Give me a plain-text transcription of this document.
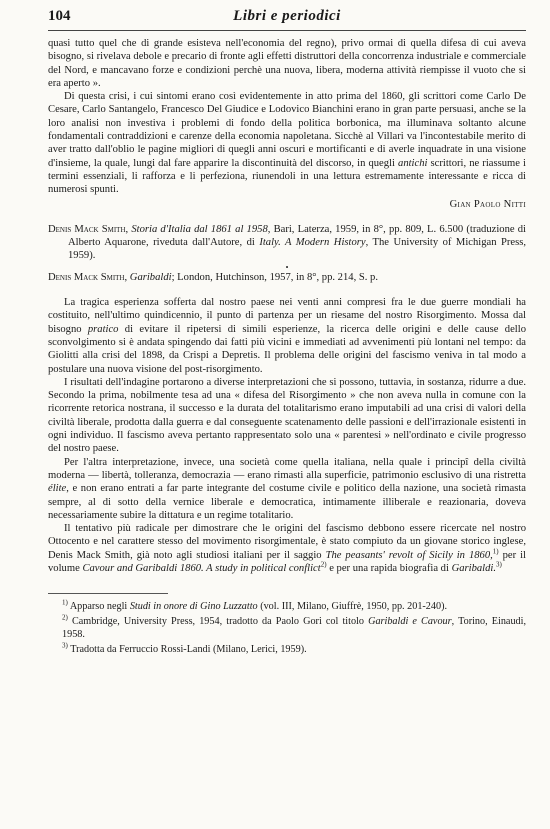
104	Libri e periodici

quasi tutto quel che di grande esisteva nell'economia del regno), privo ormai di quella difesa di cui aveva bisogno, si rivelava debole e precario di fronte agli effetti distruttori della concorrenza industriale e commerciale del Nord, e mancavano forze e condizioni perchè una nuova, libera, moderna attività riempisse il vuoto che si era aperto ».

Di questa crisi, i cui sintomi erano così evidentemente in atto prima del 1860, gli scrittori come Carlo De Cesare, Carlo Santangelo, Francesco Del Giudice e Lodovico Bianchini erano in gran parte persuasi, anche se la loro analisi non investiva i problemi di fondo della politica borbonica, ma illuminava soltanto alcune fondamentali contraddizioni e carenze della economia napoletana. Sicchè al Villari va l'incontestabile merito di aver tratto dall'oblio le pagine migliori di quegli anni oscuri e mortificanti e di averle inquadrate in una visione d'insieme, la quale, lungi dal fare apparire la discontinuità del discorso, in quegli antichi scrittori, ne riassume i termini essenziali, li rafforza e li perfeziona, riunendoli in una lettura estremamente interessante e ricca di numerosi spunti.

Gian Paolo Nitti

Denis Mack Smith, Storia d'Italia dal 1861 al 1958, Bari, Laterza, 1959, in 8°, pp. 809, L. 6.500 (traduzione di Alberto Aquarone, riveduta dall'Autore, di Italy. A Modern History, The University of Michigan Press, 1959).

•

Denis Mack Smith, Garibaldi; London, Hutchinson, 1957, in 8°, pp. 214, S. p.

La tragica esperienza sofferta dal nostro paese nei venti anni compresi fra le due guerre mondiali ha costituito, nell'ultimo quindicennio, il punto di partenza per un riesame del nostro Risorgimento. Mossa dal bisogno pratico di evitare il ripetersi di simili esperienze, la ricerca delle origini e delle cause dello sconvolgimento si è andata spingendo dai fatti più vicini e immediati ad avvenimenti più lontani nel tempo: da Giolitti alla crisi del 1898, da Crispi a Depretis. Il problema delle origini del fascismo veniva in tal modo a postulare una nuova visione del post-risorgimento.

I risultati dell'indagine portarono a diverse interpretazioni che si possono, tuttavia, in sostanza, ridurre a due. Secondo la prima, nobilmente tesa ad una « difesa del Risorgimento » che non aveva nulla in comune con la ricorrente retorica nostrana, il successo e la durata del totalitarismo erano imputabili ad una crisi di valori della civiltà liberale, prodotta dalla guerra e dal conseguente scatenamento delle passioni e dell'irrazionale esistenti in ogni individuo. Il fascismo aveva pertanto rappresentato solo una « parentesi » nell'ordinato e civile progresso del nostro paese.

Per l'altra interpretazione, invece, una società come quella italiana, nella quale i principî della civiltà moderna — libertà, tolleranza, democrazia — erano rimasti alla superficie, patrimonio esclusivo di una ristretta élite, e non erano entrati a far parte integrante del costume civile e politico della nazione, una società rimasta sempre, al di sotto della vernice liberale e democratica, intimamente illiberale e reazionaria, doveva necessariamente subire la dittatura e un regime totalitario.

Il tentativo più radicale per dimostrare che le origini del fascismo debbono essere ricercate nel nostro Ottocento e nel carattere stesso del movimento risorgimentale, è stato compiuto da un giovane storico inglese, Denis Mack Smith, già noto agli studiosi italiani per il saggio The peasants' revolt of Sicily in 1860,$^{1)}$ per il volume Cavour and Garibaldi 1860. A study in political conflict$^{2)}$ e per una rapida biografia di Garibaldi.$^{3)}$

$^{1)}$ Apparso negli Studi in onore di Gino Luzzatto (vol. III, Milano, Giuffrè, 1950, pp. 201-240).

$^{2)}$ Cambridge, University Press, 1954, tradotto da Paolo Gori col titolo Garibaldi e Cavour, Torino, Einaudi, 1958.

$^{3)}$ Tradotta da Ferruccio Rossi-Landi (Milano, Lerici, 1959).
